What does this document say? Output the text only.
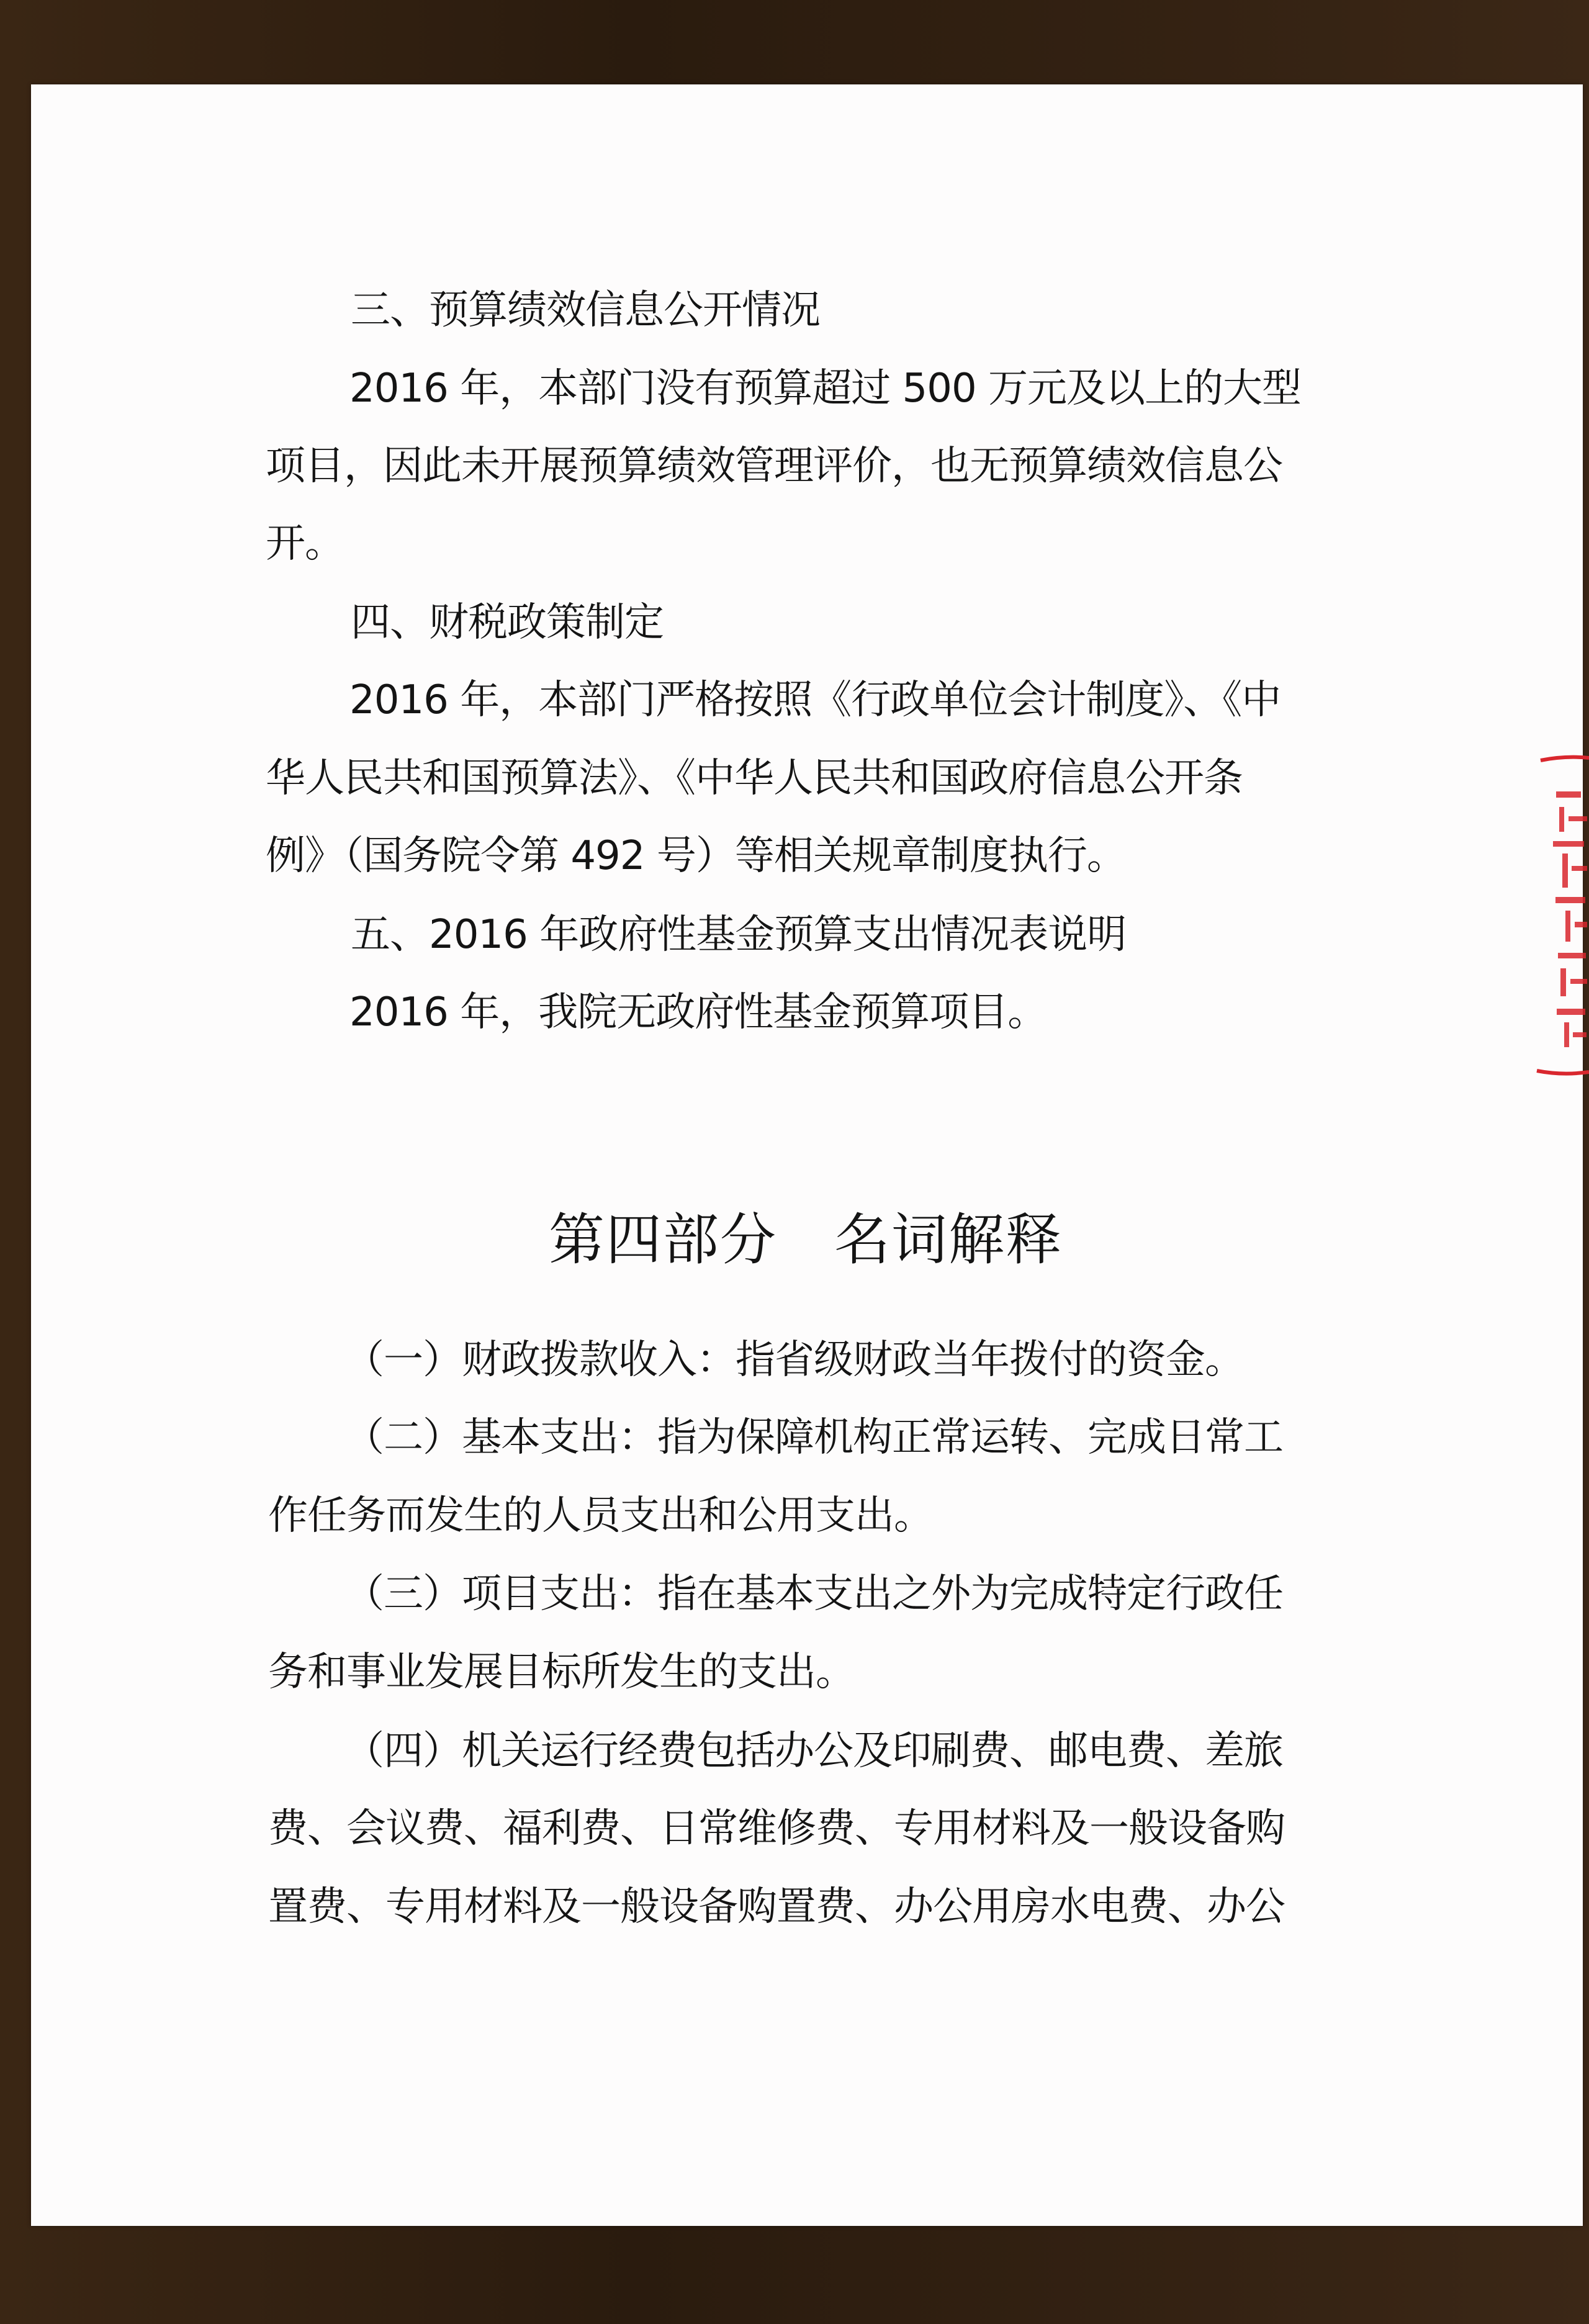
三、预算绩效信息公开情况
2016 年，本部门没有预算超过 500 万元及以上的大型
项目，因此未开展预算绩效管理评价，也无预算绩效信息公
开。
四、财税政策制定
2016 年，本部门严格按照《行政单位会计制度》、《中
华人民共和国预算法》、《中华人民共和国政府信息公开条
例》（国务院令第 492 号）等相关规章制度执行。
五、2016 年政府性基金预算支出情况表说明
2016 年，我院无政府性基金预算项目。
第四部分　名词解释
（一）财政拨款收入：指省级财政当年拨付的资金。
（二）基本支出：指为保障机构正常运转、完成日常工
作任务而发生的人员支出和公用支出。
（三）项目支出：指在基本支出之外为完成特定行政任
务和事业发展目标所发生的支出。
（四）机关运行经费包括办公及印刷费、邮电费、差旅
费、会议费、福利费、日常维修费、专用材料及一般设备购
置费、专用材料及一般设备购置费、办公用房水电费、办公
